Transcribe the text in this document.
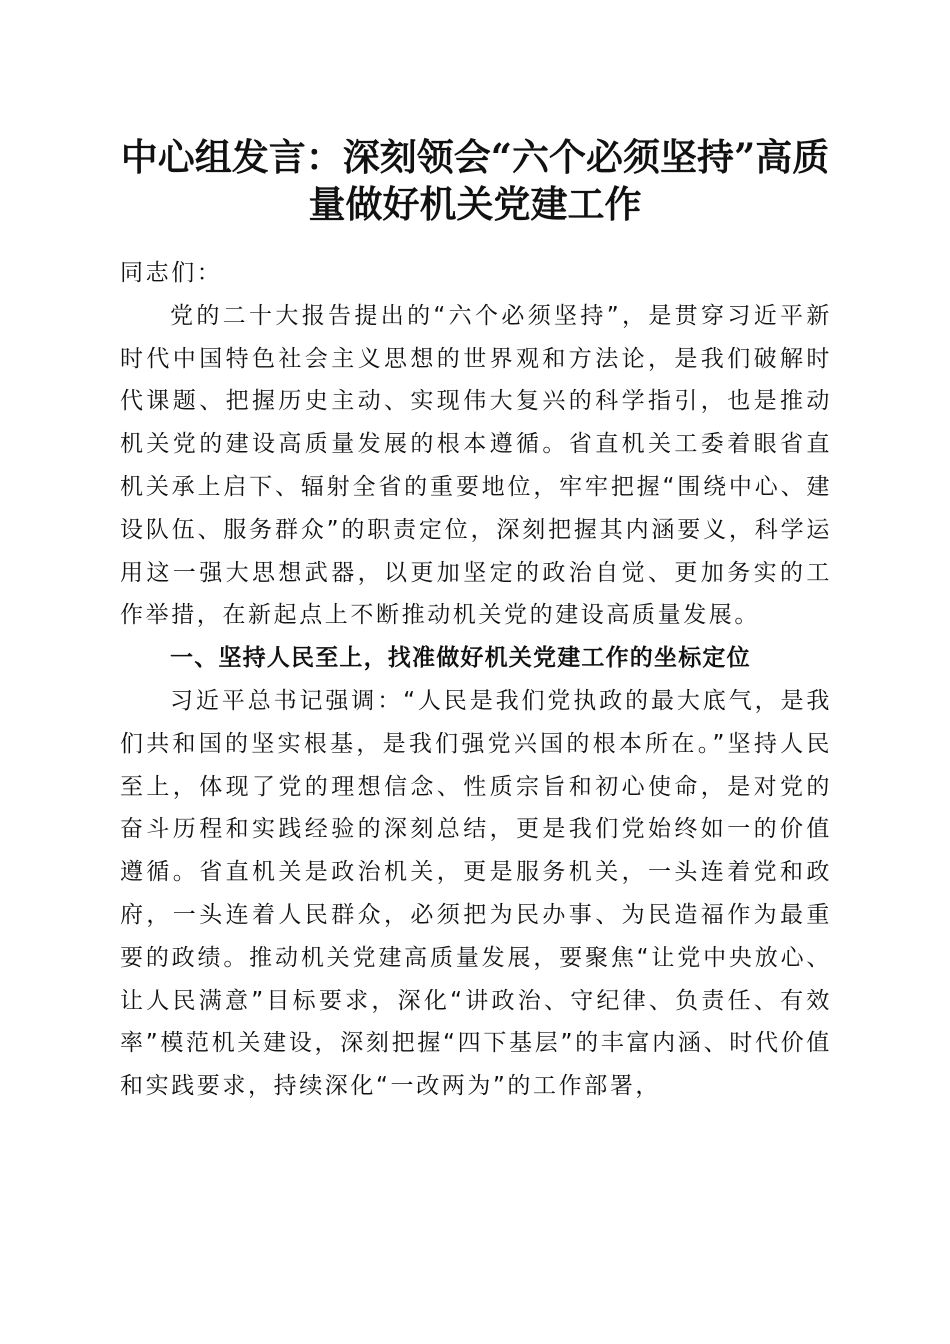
中心组发言：深刻领会“六个必须坚持”高质
量做好机关党建工作

同志们：

党的二十大报告提出的“六个必须坚持”，是贯穿习近平新时代中国特色社会主义思想的世界观和方法论，是我们破解时代课题、把握历史主动、实现伟大复兴的科学指引，也是推动机关党的建设高质量发展的根本遵循。省直机关工委着眼省直机关承上启下、辐射全省的重要地位，牢牢把握“围绕中心、建设队伍、服务群众”的职责定位，深刻把握其内涵要义，科学运用这一强大思想武器，以更加坚定的政治自觉、更加务实的工作举措，在新起点上不断推动机关党的建设高质量发展。

一、坚持人民至上，找准做好机关党建工作的坐标定位

习近平总书记强调：“人民是我们党执政的最大底气，是我们共和国的坚实根基，是我们强党兴国的根本所在。”坚持人民至上，体现了党的理想信念、性质宗旨和初心使命，是对党的奋斗历程和实践经验的深刻总结，更是我们党始终如一的价值遵循。省直机关是政治机关，更是服务机关，一头连着党和政府，一头连着人民群众，必须把为民办事、为民造福作为最重要的政绩。推动机关党建高质量发展，要聚焦“让党中央放心、让人民满意”目标要求，深化“讲政治、守纪律、负责任、有效率”模范机关建设，深刻把握“四下基层”的丰富内涵、时代价值和实践要求，持续深化“一改两为”的工作部署，
